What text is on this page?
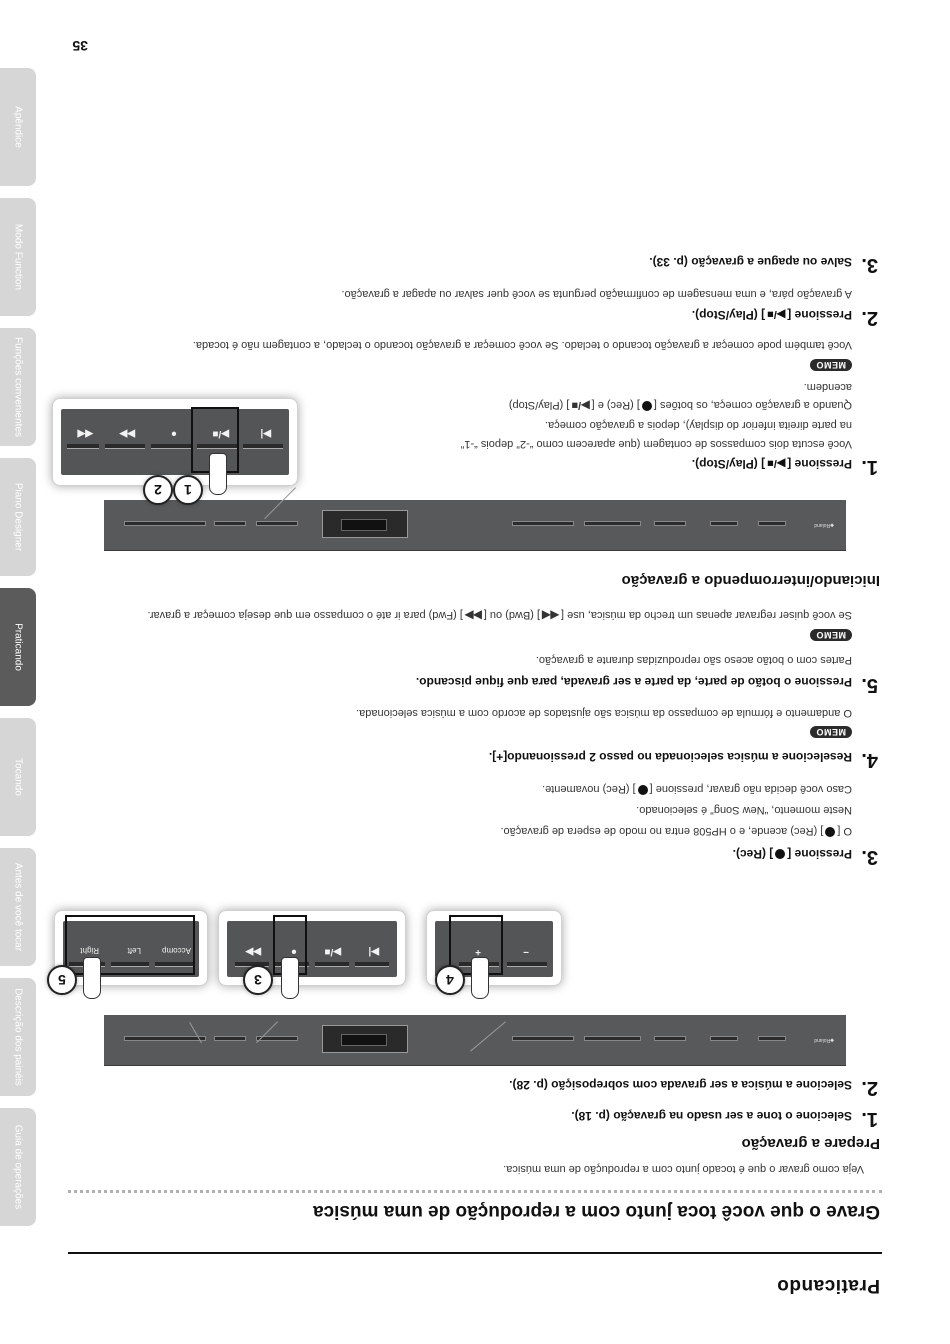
Praticando
Grave o que você toca junto com a reprodução de uma música
Veja como gravar o que é tocado junto com a reprodução de uma música.
Prepare a gravação
1.
Selecione o tone a ser usado na gravação (p. 18).
2.
Selecione a música a ser gravada com sobreposição (p. 28).
◆Roland
−
+
4
▶|
▶/■
●
▶▶
3
Accomp
Left
Right
5
3.
Pressione [] (Rec).
O [] (Rec) acende, e o HP508 entra no modo de espera de gravação.
Neste momento, “New Song” é selecionado.
Caso você decida não gravar, pressione [] (Rec) novamente.
4.
Reselecione a música selecionada no passo 2 pressionando[+].
MEMO
O andamento e fórmula de compasso da música são ajustados de acordo com a música selecionada.
5.
Pressione o botão de parte, da parte a ser gravada, para que fique piscando.
Partes com o botão aceso são reproduzidas durante a gravação.
MEMO
Se você quiser regravar apenas um trecho da música, use [◀◀] (Bwd) ou [▶▶] (Fwd) para ir até o compasso em que deseja começar a gravar.
Iniciando/interrompendo a gravação
◆Roland
▶|
▶/■
●
▶▶
◀◀
1
2
1.
Pressione [▶/■] (Play/Stop).
Você escuta dois compassos de contagem (que aparecem como “-2” depois “-1”
na parte direita inferior do display), depois a gravação começa.
Quando a gravação começa, os botões [] (Rec) e [▶/■] (Play/Stop)
acendem.
MEMO
Você também pode começar a gravação tocando o teclado. Se você começar a gravação tocando o teclado, a contagem não é tocada.
2.
Pressione [▶/■] (Play/Stop).
A gravação pára, e uma mensagem de confirmação pergunta se você quer salvar ou apagar a gravação.
3.
Salve ou apague a gravação (p. 33).
Guia de operações
Descrição dos painéis
Antes de você tocar
Tocando
Praticando
Piano Designer
Funções convenientes
Modo Function
Apêndice
35
